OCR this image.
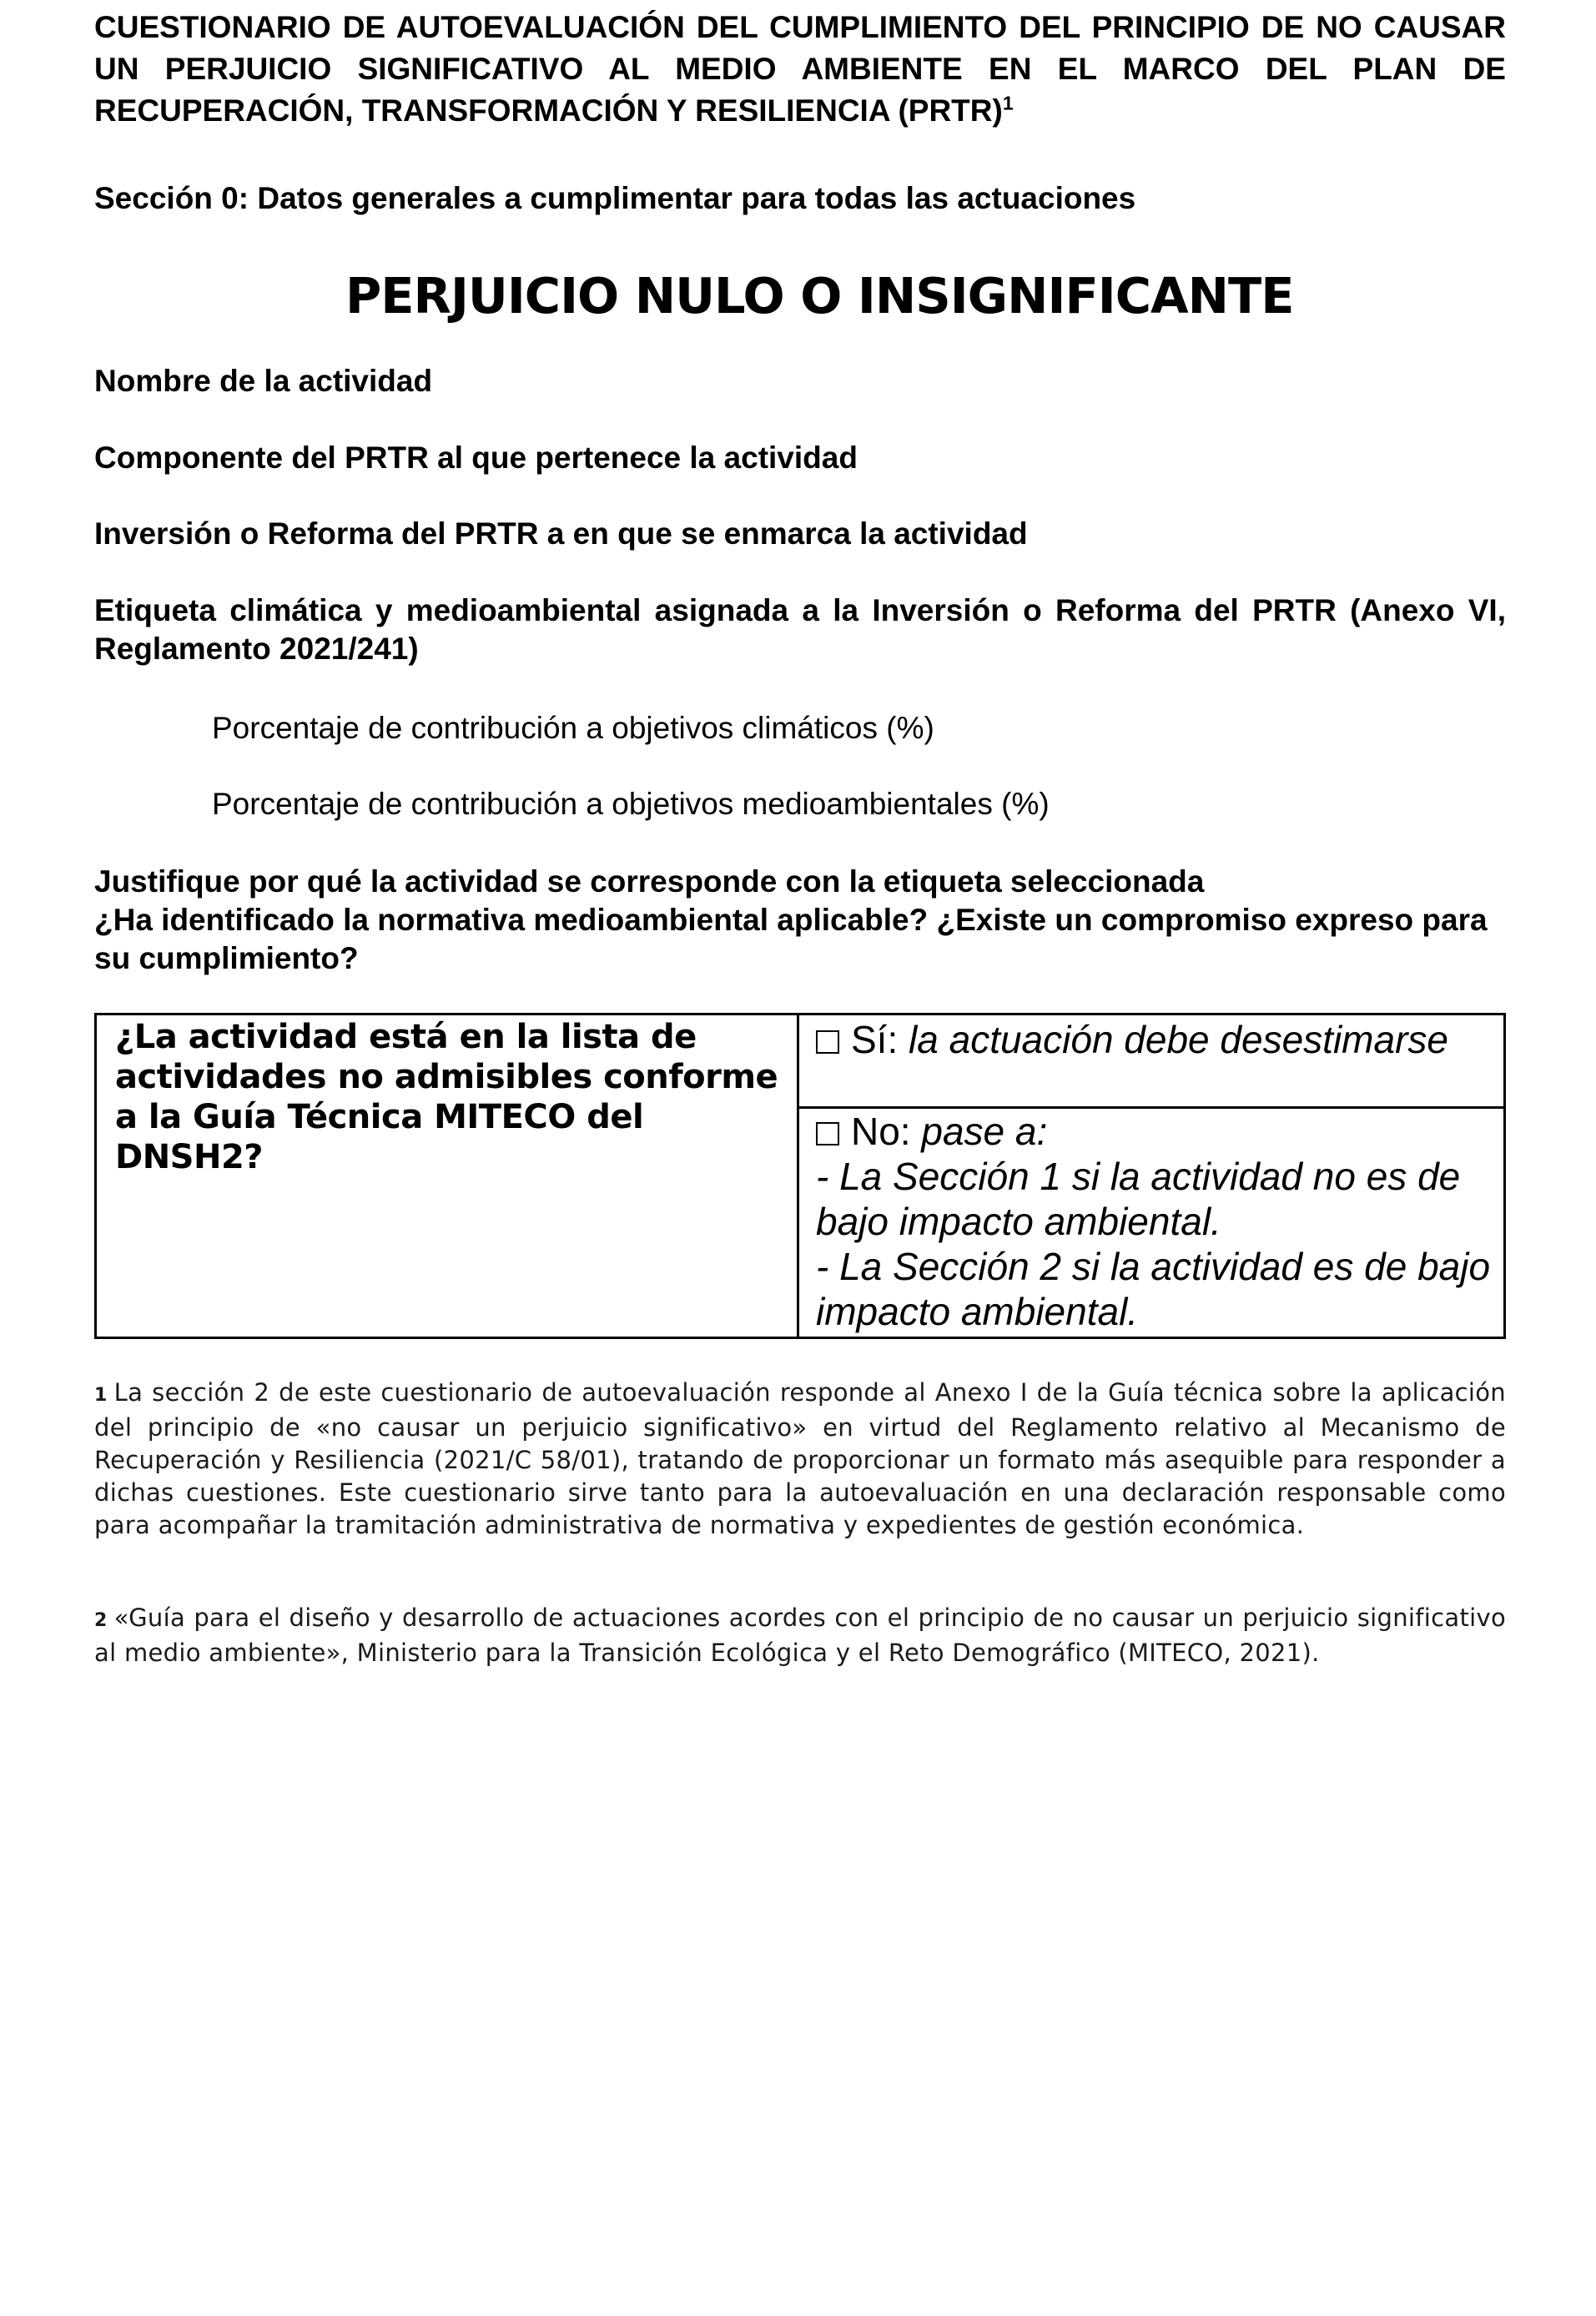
CUESTIONARIO DE AUTOEVALUACIÓN DEL CUMPLIMIENTO DEL PRINCIPIO DE NO CAUSAR UN PERJUICIO SIGNIFICATIVO AL MEDIO AMBIENTE EN EL MARCO DEL PLAN DE RECUPERACIÓN, TRANSFORMACIÓN Y RESILIENCIA (PRTR)$^1$
Sección 0: Datos generales a cumplimentar para todas las actuaciones
PERJUICIO NULO O INSIGNIFICANTE
Nombre de la actividad
Componente del PRTR al que pertenece la actividad
Inversión o Reforma del PRTR a en que se enmarca la actividad
Etiqueta climática y medioambiental asignada a la Inversión o Reforma del PRTR (Anexo VI, Reglamento 2021/241)
Porcentaje de contribución a objetivos climáticos (%)
Porcentaje de contribución a objetivos medioambientales (%)
Justifique por qué la actividad se corresponde con la etiqueta seleccionada
¿Ha identificado la normativa medioambiental aplicable? ¿Existe un compromiso expreso para su cumplimiento?
¿La actividad está en la lista de actividades no admisibles conforme a la Guía Técnica MITECO del DNSH2?
Sí: la actuación debe desestimarse
No: pase a:
- La Sección 1 si la actividad no es de bajo impacto ambiental.
- La Sección 2 si la actividad es de bajo impacto ambiental.
1 La sección 2 de este cuestionario de autoevaluación responde al Anexo I de la Guía técnica sobre la aplicación del principio de «no causar un perjuicio significativo» en virtud del Reglamento relativo al Mecanismo de Recuperación y Resiliencia (2021/C 58/01), tratando de proporcionar un formato más asequible para responder a dichas cuestiones. Este cuestionario sirve tanto para la autoevaluación en una declaración responsable como para acompañar la tramitación administrativa de normativa y expedientes de gestión económica.
2 «Guía para el diseño y desarrollo de actuaciones acordes con el principio de no causar un perjuicio significativo al medio ambiente», Ministerio para la Transición Ecológica y el Reto Demográfico (MITECO, 2021).
